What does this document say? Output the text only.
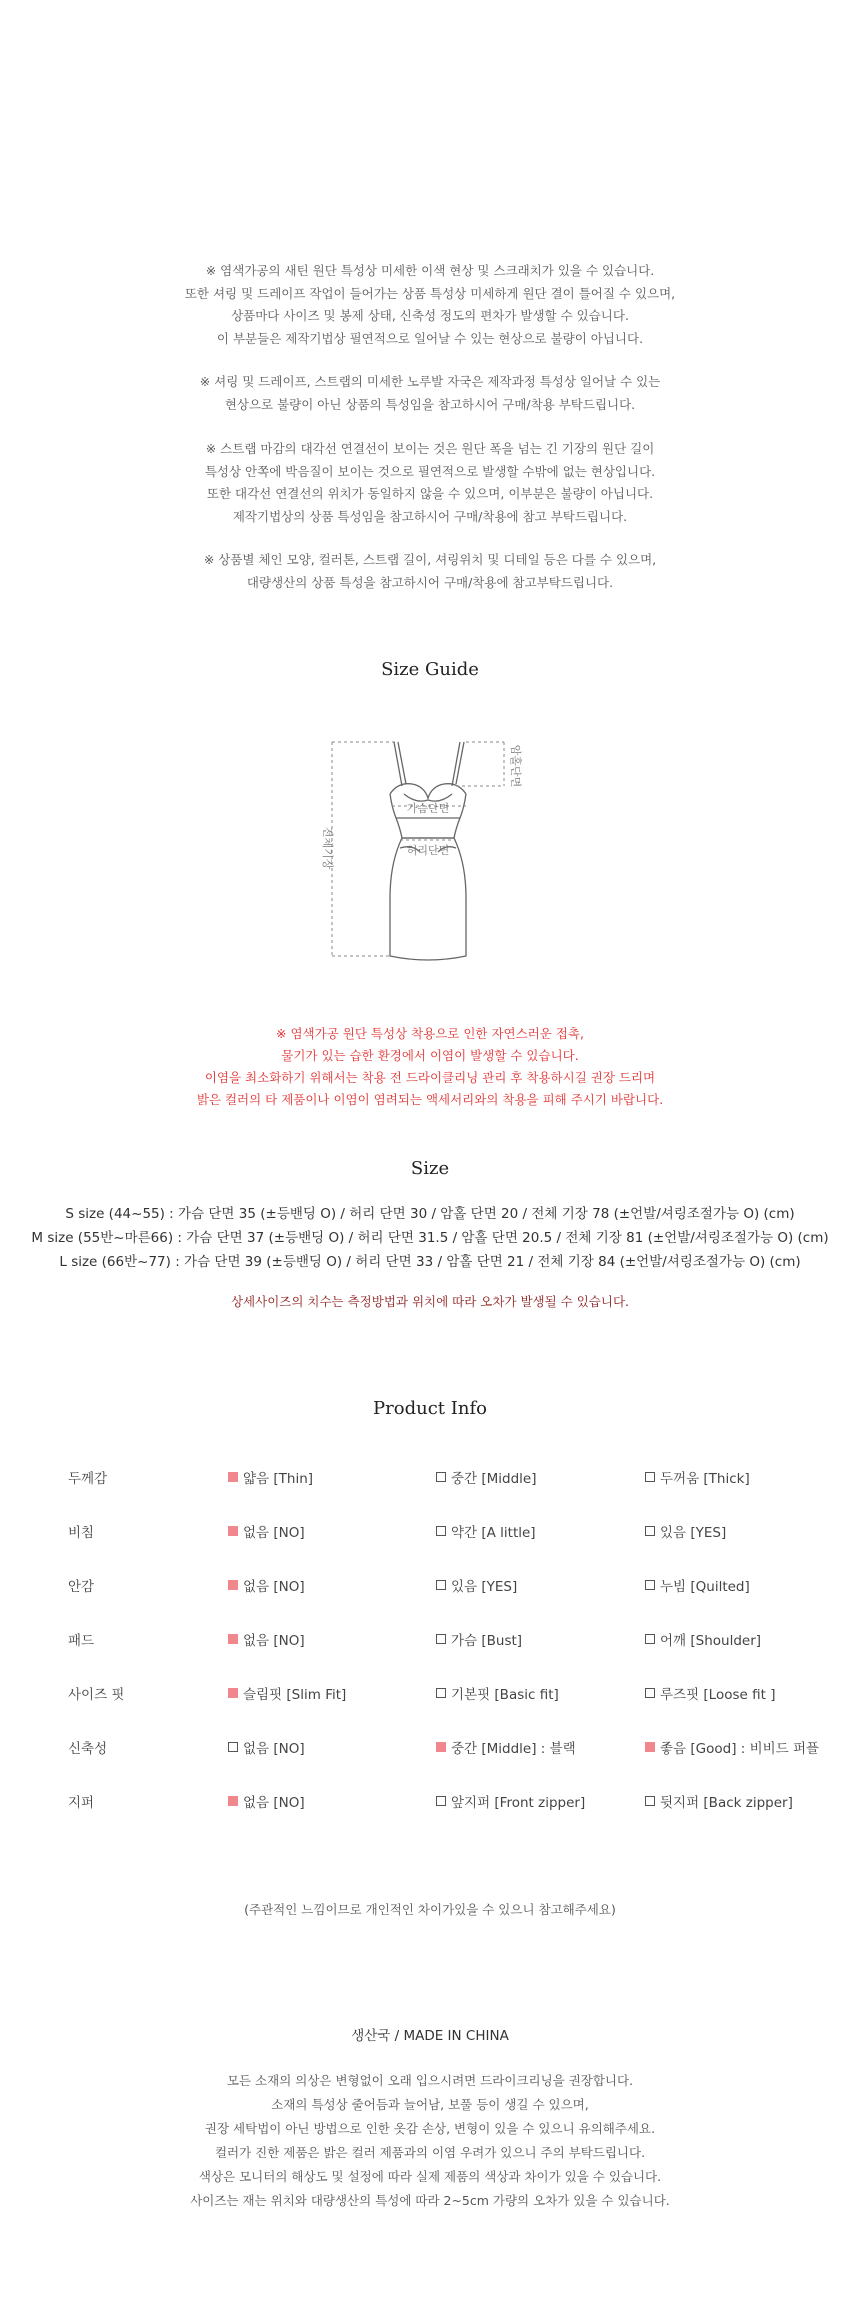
※ 염색가공의 새틴 원단 특성상 미세한 이색 현상 및 스크래치가 있을 수 있습니다.

또한 셔링 및 드레이프 작업이 들어가는 상품 특성상 미세하게 원단 결이 틀어질 수 있으며,

상품마다 사이즈 및 봉제 상태, 신축성 정도의 편차가 발생할 수 있습니다.

이 부분들은 제작기법상 필연적으로 일어날 수 있는 현상으로 불량이 아닙니다.

※ 셔링 및 드레이프, 스트랩의 미세한 노루발 자국은 제작과정 특성상 일어날 수 있는

현상으로 불량이 아닌 상품의 특성임을 참고하시어 구매/착용 부탁드립니다.

※ 스트랩 마감의 대각선 연결선이 보이는 것은 원단 폭을 넘는 긴 기장의 원단 길이

특성상 안쪽에 박음질이 보이는 것으로 필연적으로 발생할 수밖에 없는 현상입니다.

또한 대각선 연결선의 위치가 동일하지 않을 수 있으며, 이부분은 불량이 아닙니다.

제작기법상의 상품 특성임을 참고하시어 구매/착용에 참고 부탁드립니다.

※ 상품별 체인 모양, 컬러톤, 스트랩 길이, 셔링위치 및 디테일 등은 다를 수 있으며,

대량생산의 상품 특성을 참고하시어 구매/착용에 참고부탁드립니다.

Size Guide
가슴단면
허리단면
전체기장
암홀단면

※ 염색가공 원단 특성상 착용으로 인한 자연스러운 접촉,

물기가 있는 습한 환경에서 이염이 발생할 수 있습니다.

이염을 최소화하기 위해서는 착용 전 드라이클리닝 관리 후 착용하시길 권장 드리며

밝은 컬러의 타 제품이나 이염이 염려되는 액세서리와의 착용을 피해 주시기 바랍니다.

Size

S size (44~55) : 가슴 단면 35 (±등밴딩 O) / 허리 단면 30 / 암홀 단면 20 / 전체 기장 78 (±언발/셔링조절가능 O) (cm)

M size (55반~마른66) : 가슴 단면 37 (±등밴딩 O) / 허리 단면 31.5 / 암홀 단면 20.5 / 전체 기장 81 (±언발/셔링조절가능 O) (cm)

L size (66반~77) : 가슴 단면 39 (±등밴딩 O) / 허리 단면 33 / 암홀 단면 21 / 전체 기장 84 (±언발/셔링조절가능 O) (cm)

상세사이즈의 치수는 측정방법과 위치에 따라 오차가 발생될 수 있습니다.
Product Info
두께감	얇음 [Thin]	중간 [Middle]	두꺼움 [Thick]
비침	없음 [NO]	약간 [A little]	있음 [YES]
안감	없음 [NO]	있음 [YES]	누빔 [Quilted]
패드	없음 [NO]	가슴 [Bust]	어깨 [Shoulder]
사이즈 핏	슬림핏 [Slim Fit]	기본핏 [Basic fit]	루즈핏 [Loose fit ]
신축성	없음 [NO]	중간 [Middle] : 블랙	좋음 [Good] : 비비드 퍼플
지퍼	없음 [NO]	앞지퍼 [Front zipper]	뒷지퍼 [Back zipper]
(주관적인 느낌이므로 개인적인 차이가있을 수 있으니 참고해주세요)
생산국 / MADE IN CHINA

모든 소재의 의상은 변형없이 오래 입으시려면 드라이크리닝을 권장합니다.

소재의 특성상 줄어듬과 늘어남, 보풀 등이 생길 수 있으며,

권장 세탁법이 아닌 방법으로 인한 옷감 손상, 변형이 있을 수 있으니 유의해주세요.

컬러가 진한 제품은 밝은 컬러 제품과의 이염 우려가 있으니 주의 부탁드립니다.

색상은 모니터의 해상도 및 설정에 따라 실제 제품의 색상과 차이가 있을 수 있습니다.

사이즈는 재는 위치와 대량생산의 특성에 따라 2~5cm 가량의 오차가 있을 수 있습니다.
